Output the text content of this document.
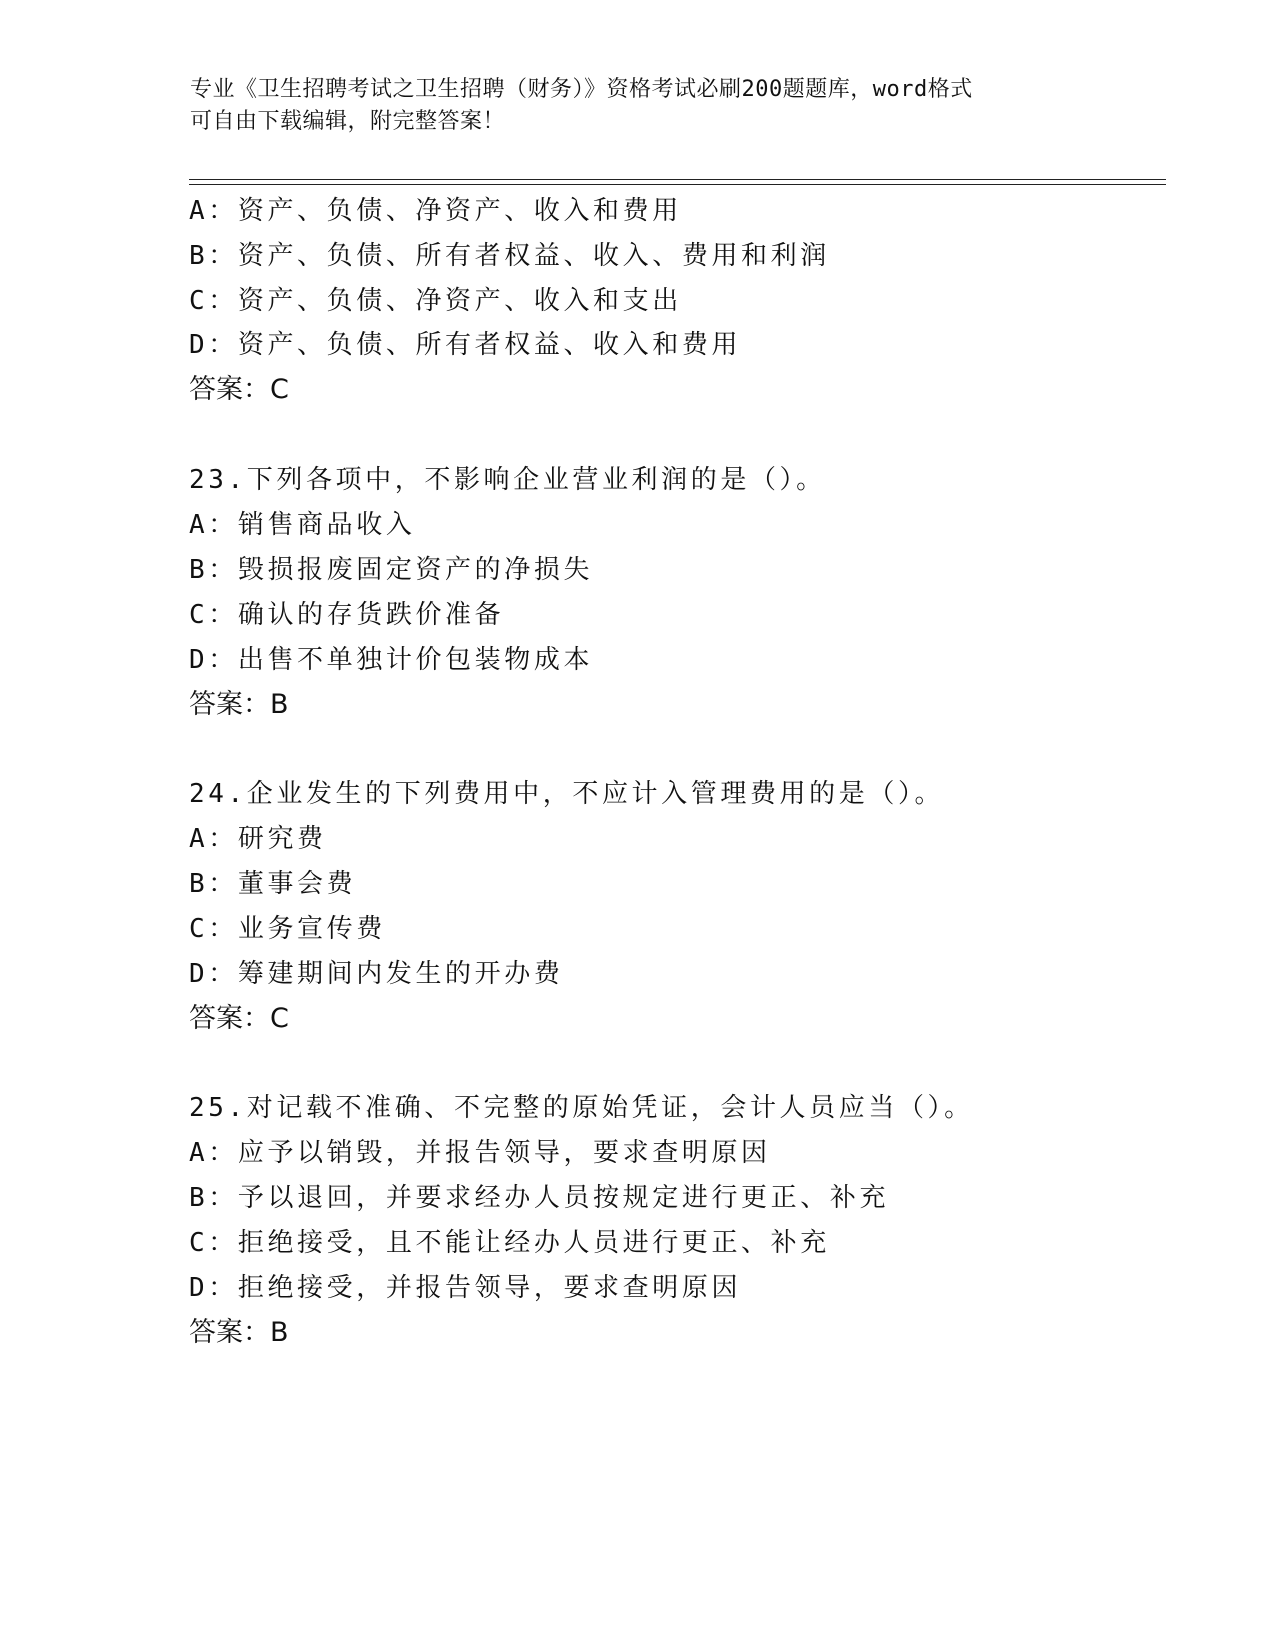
专业《卫生招聘考试之卫生招聘（财务）》资格考试必刷200题题库，word格式
可自由下载编辑，附完整答案！
A：资产、负债、净资产、收入和费用
B：资产、负债、所有者权益、收入、费用和利润
C：资产、负债、净资产、收入和支出
D：资产、负债、所有者权益、收入和费用
答案：C
23.下列各项中，不影响企业营业利润的是（）。
A：销售商品收入
B：毁损报废固定资产的净损失
C：确认的存货跌价准备
D：出售不单独计价包装物成本
答案：B
24.企业发生的下列费用中，不应计入管理费用的是（）。
A：研究费
B：董事会费
C：业务宣传费
D：筹建期间内发生的开办费
答案：C
25.对记载不准确、不完整的原始凭证，会计人员应当（）。
A：应予以销毁，并报告领导，要求查明原因
B：予以退回，并要求经办人员按规定进行更正、补充
C：拒绝接受，且不能让经办人员进行更正、补充
D：拒绝接受，并报告领导，要求查明原因
答案：B
